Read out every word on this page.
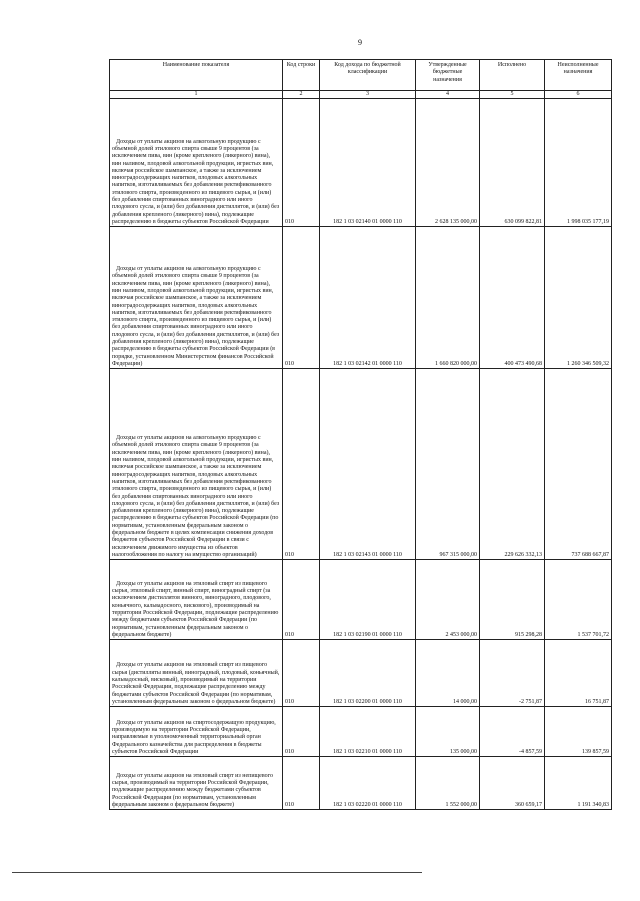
9
Наименование показателя	Код строки	Код дохода по бюджетной классификации	Утвержденные бюджетные назначения	Исполнено	Неисполненные назначения
1	2	3	4	5	6

Доходы от уплаты акцизов на алкогольную продукцию с объемной долей этилового спирта свыше 9 процентов (за исключением пива, вин (кроме крепленого (ликерного) вина), вин наливом, плодовой алкогольной продукции, игристых вин, включая российское шампанское, а также за исключением виноградосодержащих напитков, плодовых алкогольных напитков, изготавливаемых без добавления ректификованного этилового спирта, произведенного из пищевого сырья, и (или) без добавления спиртованных виноградного или иного плодового сусла, и (или) без добавления дистиллятов, и (или) без добавления крепленого (ликерного) вина), подлежащие распределению в бюджеты субъектов Российской Федерации	010	182 1 03 02140 01 0000 110	2 628 135 000,00	630 099 822,81	1 998 035 177,19

Доходы от уплаты акцизов на алкогольную продукцию с объемной долей этилового спирта свыше 9 процентов (за исключением пива, вин (кроме крепленого (ликерного) вина), вин наливом, плодовой алкогольной продукции, игристых вин, включая российское шампанское, а также за исключением виноградосодержащих напитков, плодовых алкогольных напитков, изготавливаемых без добавления ректификованного этилового спирта, произведенного из пищевого сырья, и (или) без добавления спиртованных виноградного или иного плодового сусла, и (или) без добавления дистиллятов, и (или) без добавления крепленого (ликерного) вина), подлежащие распределению в бюджеты субъектов Российской Федерации (в порядке, установленном Министерством финансов Российской Федерации)	010	182 1 03 02142 01 0000 110	1 660 820 000,00	400 473 490,68	1 260 346 509,32

Доходы от уплаты акцизов на алкогольную продукцию с объемной долей этилового спирта свыше 9 процентов (за исключением пива, вин (кроме крепленого (ликерного) вина), вин наливом, плодовой алкогольной продукции, игристых вин, включая российское шампанское, а также за исключением виноградосодержащих напитков, плодовых алкогольных напитков, изготавливаемых без добавления ректификованного этилового спирта, произведенного из пищевого сырья, и (или) без добавления спиртованных виноградного или иного плодового сусла, и (или) без добавления дистиллятов, и (или) без добавления крепленого (ликерного) вина), подлежащие распределению в бюджеты субъектов Российской Федерации (по нормативам, установленным федеральным законом о федеральном бюджете в целях компенсации снижения доходов бюджетов субъектов Российской Федерации в связи с исключением движимого имущества из объектов налогообложения по налогу на имущество организаций)	010	182 1 03 02143 01 0000 110	967 315 000,00	229 626 332,13	737 688 667,87

Доходы от уплаты акцизов на этиловый спирт из пищевого сырья, этиловый спирт, винный спирт, виноградный спирт (за исключением дистиллятов винного, виноградного, плодового, коньячного, кальвадосного, вискового), производимый на территории Российской Федерации, подлежащие распределению между бюджетами субъектов Российской Федерации (по нормативам, установленным федеральным законом о федеральном бюджете)	010	182 1 03 02190 01 0000 110	2 453 000,00	915 298,28	1 537 701,72

Доходы от уплаты акцизов на этиловый спирт из пищевого сырья (дистилляты винный, виноградный, плодовый, коньячный, кальвадосный, висковый), производимый на территории Российской Федерации, подлежащие распределению между бюджетами субъектов Российской Федерации (по нормативам, установленным федеральным законом о федеральном бюджете)	010	182 1 03 02200 01 0000 110	14 000,00	-2 751,87	16 751,87

Доходы от уплаты акцизов на спиртосодержащую продукцию, производимую на территории Российской Федерации, направляемые в уполномоченный территориальный орган Федерального казначейства для распределения в бюджеты субъектов Российской Федерации	010	182 1 03 02210 01 0000 110	135 000,00	-4 857,59	139 857,59

Доходы от уплаты акцизов на этиловый спирт из непищевого сырья, производимый на территории Российской Федерации, подлежащие распределению между бюджетами субъектов Российской Федерации (по нормативам, установленным федеральным законом о федеральном бюджете)	010	182 1 03 02220 01 0000 110	1 552 000,00	360 659,17	1 191 340,83
